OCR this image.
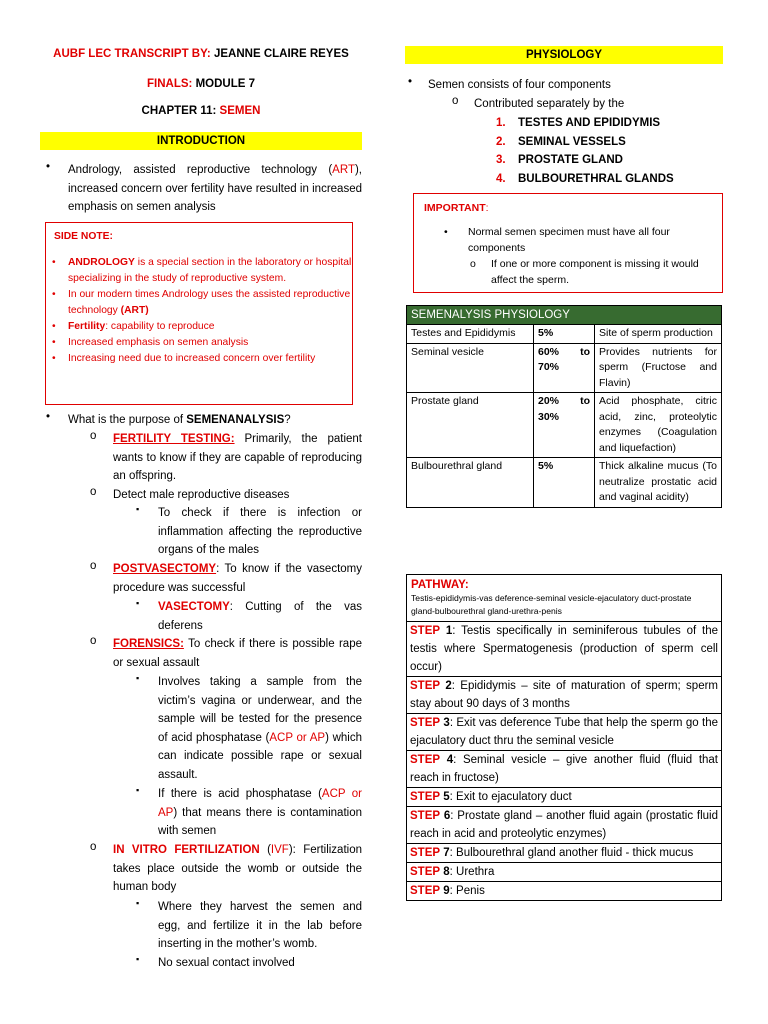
AUBF LEC TRANSCRIPT BY: JEANNE CLAIRE REYES
FINALS: MODULE 7
CHAPTER 11: SEMEN
INTRODUCTION
• Andrology, assisted reproductive technology (ART), increased concern over fertility have resulted in increased emphasis on semen analysis
SIDE NOTE:
• ANDROLOGY is a special section in the laboratory or hospital specializing in the study of reproductive system.
• In our modern times Andrology uses the assisted reproductive technology (ART)
• Fertility: capability to reproduce
• Increased emphasis on semen analysis
• Increasing need due to increased concern over fertility
• What is the purpose of SEMENANALYSIS?
o FERTILITY TESTING: Primarily, the patient wants to know if they are capable of reproducing an offspring.
o Detect male reproductive diseases
▪ To check if there is infection or inflammation affecting the reproductive organs of the males
o POSTVASECTOMY: To know if the vasectomy procedure was successful
▪ VASECTOMY: Cutting of the vas deferens
o FORENSICS: To check if there is possible rape or sexual assault
▪ Involves taking a sample from the victim’s vagina or underwear, and the sample will be tested for the presence of acid phosphatase (ACP or AP) which can indicate possible rape or sexual assault.
▪ If there is acid phosphatase (ACP or AP) that means there is contamination with semen
o IN VITRO FERTILIZATION (IVF): Fertilization takes place outside the womb or outside the human body
▪ Where they harvest the semen and egg, and fertilize it in the lab before inserting in the mother’s womb.
▪ No sexual contact involved
PHYSIOLOGY
• Semen consists of four components
o Contributed separately by the
1. TESTES AND EPIDIDYMIS
2. SEMINAL VESSELS
3. PROSTATE GLAND
4. BULBOURETHRAL GLANDS
IMPORTANT:
• Normal semen specimen must have all four components
o If one or more component is missing it would affect the sperm.
SEMENALYSIS PHYSIOLOGY		
Testes and Epididymis	5%	Site of sperm production
Seminal vesicle	60% to 70%	Provides nutrients for sperm (Fructose and Flavin)
Prostate gland	20% to 30%	Acid phosphate, citric acid, zinc, proteolytic enzymes (Coagulation and liquefaction)
Bulbourethral gland	5%	Thick alkaline mucus (To neutralize prostatic acid and vaginal acidity)
PATHWAY:
Testis-epididymis-vas deference-seminal vesicle-ejaculatory duct-prostate gland-bulbourethral gland-urethra-penis

STEP 1: Testis specifically in seminiferous tubules of the testis where Spermatogenesis (production of sperm cell occur)
STEP 2: Epididymis – site of maturation of sperm; sperm stay about 90 days of 3 months
STEP 3: Exit vas deference Tube that help the sperm go the ejaculatory duct thru the seminal vesicle
STEP 4: Seminal vesicle – give another fluid (fluid that reach in fructose)
STEP 5: Exit to ejaculatory duct
STEP 6: Prostate gland – another fluid again (prostatic fluid reach in acid and proteolytic enzymes)
STEP 7: Bulbourethral gland another fluid - thick mucus
STEP 8: Urethra
STEP 9: Penis
